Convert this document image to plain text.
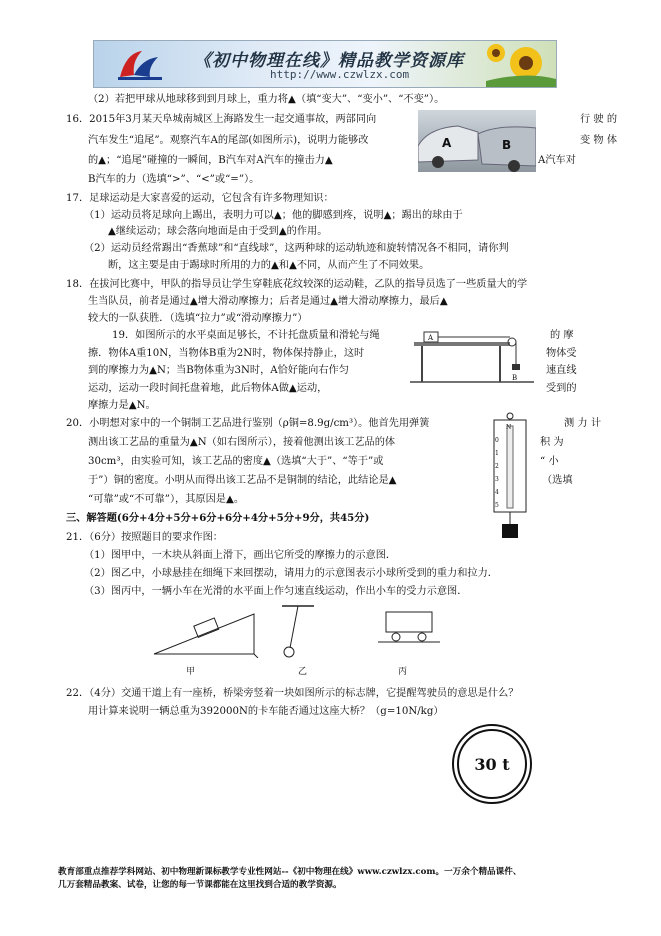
《初中物理在线》精品教学资源库
http://www.czwlzx.com
（2）若把甲球从地球移到到月球上，重力将▲（填“变大”、“变小”、“不变”）。
16．2015年3月某天阜城南城区上海路发生一起交通事故，两部同向	行 驶 的
汽车发生“追尾”。观察汽车A的尾部(如图所示)，说明力能够改	变 物 体
的▲；“追尾”碰撞的一瞬间，B汽车对A汽车的撞击力▲	A汽车对
B汽车的力（选填“>”、“<”或“=”）。
A	B
17．足球运动是大家喜爱的运动，它包含有许多物理知识：
（1）运动员将足球向上踢出，表明力可以▲；他的脚感到疼，说明▲；踢出的球由于
▲继续运动；球会落向地面是由于受到▲的作用。
（2）运动员经常踢出“香蕉球”和“直线球”，这两种球的运动轨迹和旋转情况各不相同，请你判
断，这主要是由于踢球时所用的力的▲和▲不同，从而产生了不同效果。
18．在拔河比赛中，甲队的指导员让学生穿鞋底花纹较深的运动鞋，乙队的指导员选了一些质量大的学
生当队员，前者是通过▲增大滑动摩擦力；后者是通过▲增大滑动摩擦力，最后▲
较大的一队获胜．（选填“拉力”或“滑动摩擦力”）
19．如图所示的水平桌面足够长，不计托盘质量和滑轮与绳	的 摩
擦．物体A重10N，当物体B重为2N时，物体保持静止，这时	物体受
到的摩擦力为▲N；当B物体重为3N时，A恰好能向右作匀	速直线
运动，运动一段时间托盘着地，此后物体A做▲运动，	受到的
摩擦力是▲N。
A
B
20．小明想对家中的一个铜制工艺品进行鉴别（ρ铜=8.9g/cm³）。他首先用弹簧	测 力 计
测出该工艺品的重量为▲N（如右图所示），接着他测出该工艺品的体	积 为
30cm³，由实验可知，该工艺品的密度▲（选填“大于”、“等于”或	“ 小
于”）铜的密度。小明从而得出该工艺品不是铜制的结论，此结论是▲	（选填
“可靠”或“不可靠”），其原因是▲。
N
0
1
2
3
4
5
三、解答题(6分+4分+5分+6分+6分+4分+5分+9分，共45分)
21．（6分）按照题目的要求作图：
（1）图甲中，一木块从斜面上滑下，画出它所受的摩擦力的示意图．
（2）图乙中，小球悬挂在细绳下来回摆动，请用力的示意图表示小球所受到的重力和拉力．
（3）图丙中，一辆小车在光滑的水平面上作匀速直线运动，作出小车的受力示意图．
甲	乙	丙
22．（4分）交通干道上有一座桥，桥梁旁竖着一块如图所示的标志牌，它提醒驾驶员的意思是什么？
用计算来说明一辆总重为392000N的卡车能否通过这座大桥？（g=10N/kg）
30 t
教育部重点推荐学科网站、初中物理新课标教学专业性网站--《初中物理在线》www.czwlzx.com。一万余个精品课件、
几万套精品教案、试卷，让您的每一节课都能在这里找到合适的教学资源。
